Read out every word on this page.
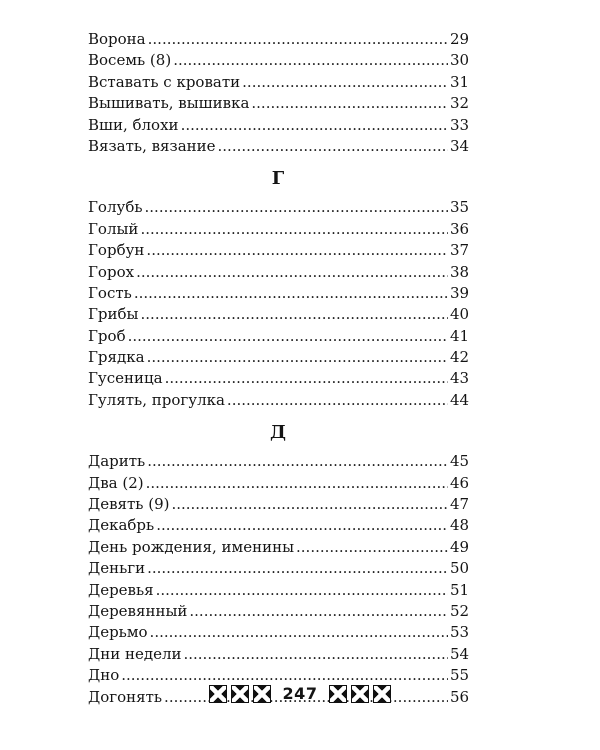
Ворона .....	29
Восемь (8) .....	30
Вставать с кровати .....	31
Вышивать, вышивка .....	32
Вши, блохи .....	33
Вязать, вязание .....	34
Г
Голубь .....	35
Голый .....	36
Горбун .....	37
Горох .....	38
Гость .....	39
Грибы .....	40
Гроб .....	41
Грядка .....	42
Гусеница .....	43
Гулять, прогулка .....	44
Д
Дарить .....	45
Два (2) .....	46
Девять (9) .....	47
Декабрь .....	48
День рождения, именины .....	49
Деньги .....	50
Деревья .....	51
Деревянный .....	52
Дерьмо .....	53
Дни недели .....	54
Дно .....	55
Догонять .....	56
247
